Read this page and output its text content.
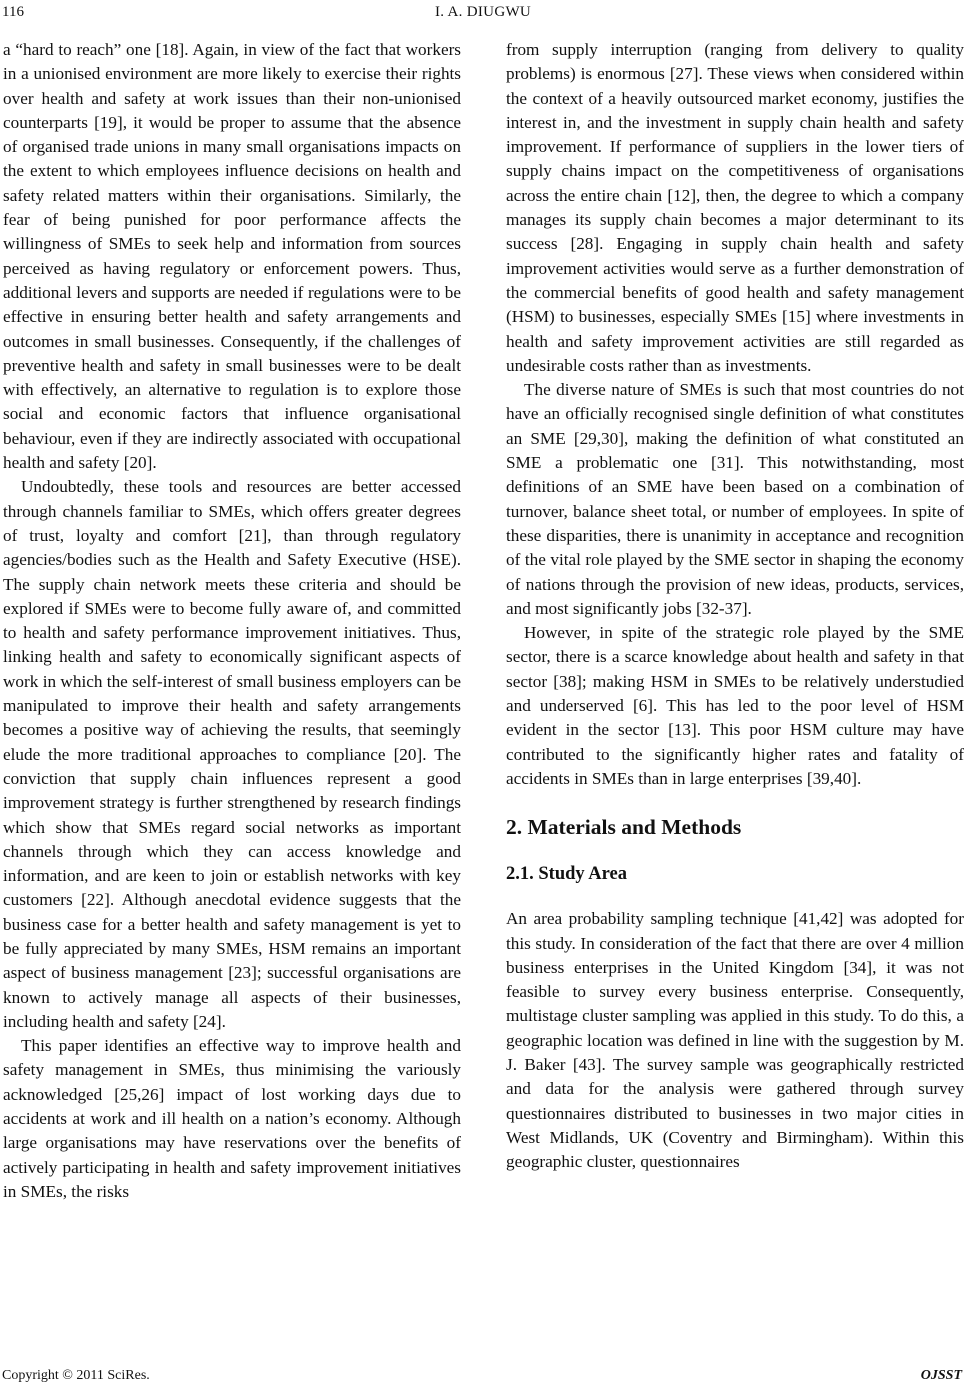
116	I. A. DIUGWU

a “hard to reach” one [18]. Again, in view of the fact that workers in a unionised environment are more likely to exercise their rights over health and safety at work issues than their non-unionised counterparts [19], it would be proper to assume that the absence of organised trade unions in many small organisations impacts on the extent to which employees influence decisions on health and safety related matters within their organisations. Similarly, the fear of being punished for poor performance affects the willingness of SMEs to seek help and information from sources perceived as having regulatory or enforcement powers. Thus, additional levers and supports are needed if regulations were to be effective in ensuring better health and safety arrangements and outcomes in small businesses. Consequently, if the challenges of preventive health and safety in small businesses were to be dealt with effectively, an alternative to regulation is to explore those social and economic factors that influence organisational behaviour, even if they are indirectly associated with occupational health and safety [20].

Undoubtedly, these tools and resources are better accessed through channels familiar to SMEs, which offers greater degrees of trust, loyalty and comfort [21], than through regulatory agencies/bodies such as the Health and Safety Executive (HSE). The supply chain network meets these criteria and should be explored if SMEs were to become fully aware of, and committed to health and safety performance improvement initiatives. Thus, linking health and safety to economically significant aspects of work in which the self-interest of small business employers can be manipulated to improve their health and safety arrangements becomes a positive way of achieving the results, that seemingly elude the more traditional approaches to compliance [20]. The conviction that supply chain influences represent a good improvement strategy is further strengthened by research findings which show that SMEs regard social networks as important channels through which they can access knowledge and information, and are keen to join or establish networks with key customers [22]. Although anecdotal evidence suggests that the business case for a better health and safety management is yet to be fully appreciated by many SMEs, HSM remains an important aspect of business management [23]; successful organisations are known to actively manage all aspects of their businesses, including health and safety [24].

This paper identifies an effective way to improve health and safety management in SMEs, thus minimising the variously acknowledged [25,26] impact of lost working days due to accidents at work and ill health on a nation’s economy. Although large organisations may have reservations over the benefits of actively participating in health and safety improvement initiatives in SMEs, the risks

from supply interruption (ranging from delivery to quality problems) is enormous [27]. These views when considered within the context of a heavily outsourced market economy, justifies the interest in, and the investment in supply chain health and safety improvement. If performance of suppliers in the lower tiers of supply chains impact on the competitiveness of organisations across the entire chain [12], then, the degree to which a company manages its supply chain becomes a major determinant to its success [28]. Engaging in supply chain health and safety improvement activities would serve as a further demonstration of the commercial benefits of good health and safety management (HSM) to businesses, especially SMEs [15] where investments in health and safety improvement activities are still regarded as undesirable costs rather than as investments.

The diverse nature of SMEs is such that most countries do not have an officially recognised single definition of what constitutes an SME [29,30], making the definition of what constituted an SME a problematic one [31]. This notwithstanding, most definitions of an SME have been based on a combination of turnover, balance sheet total, or number of employees. In spite of these disparities, there is unanimity in acceptance and recognition of the vital role played by the SME sector in shaping the economy of nations through the provision of new ideas, products, services, and most significantly jobs [32-37].

However, in spite of the strategic role played by the SME sector, there is a scarce knowledge about health and safety in that sector [38]; making HSM in SMEs to be relatively understudied and underserved [6]. This has led to the poor level of HSM evident in the sector [13]. This poor HSM culture may have contributed to the significantly higher rates and fatality of accidents in SMEs than in large enterprises [39,40].

2. Materials and Methods
2.1. Study Area

An area probability sampling technique [41,42] was adopted for this study. In consideration of the fact that there are over 4 million business enterprises in the United Kingdom [34], it was not feasible to survey every business enterprise. Consequently, multistage cluster sampling was applied in this study. To do this, a geographic location was defined in line with the suggestion by M. J. Baker [43]. The survey sample was geographically restricted and data for the analysis were gathered through survey questionnaires distributed to businesses in two major cities in West Midlands, UK (Coventry and Birmingham). Within this geographic cluster, questionnaires

Copyright © 2011 SciRes.	OJSST
